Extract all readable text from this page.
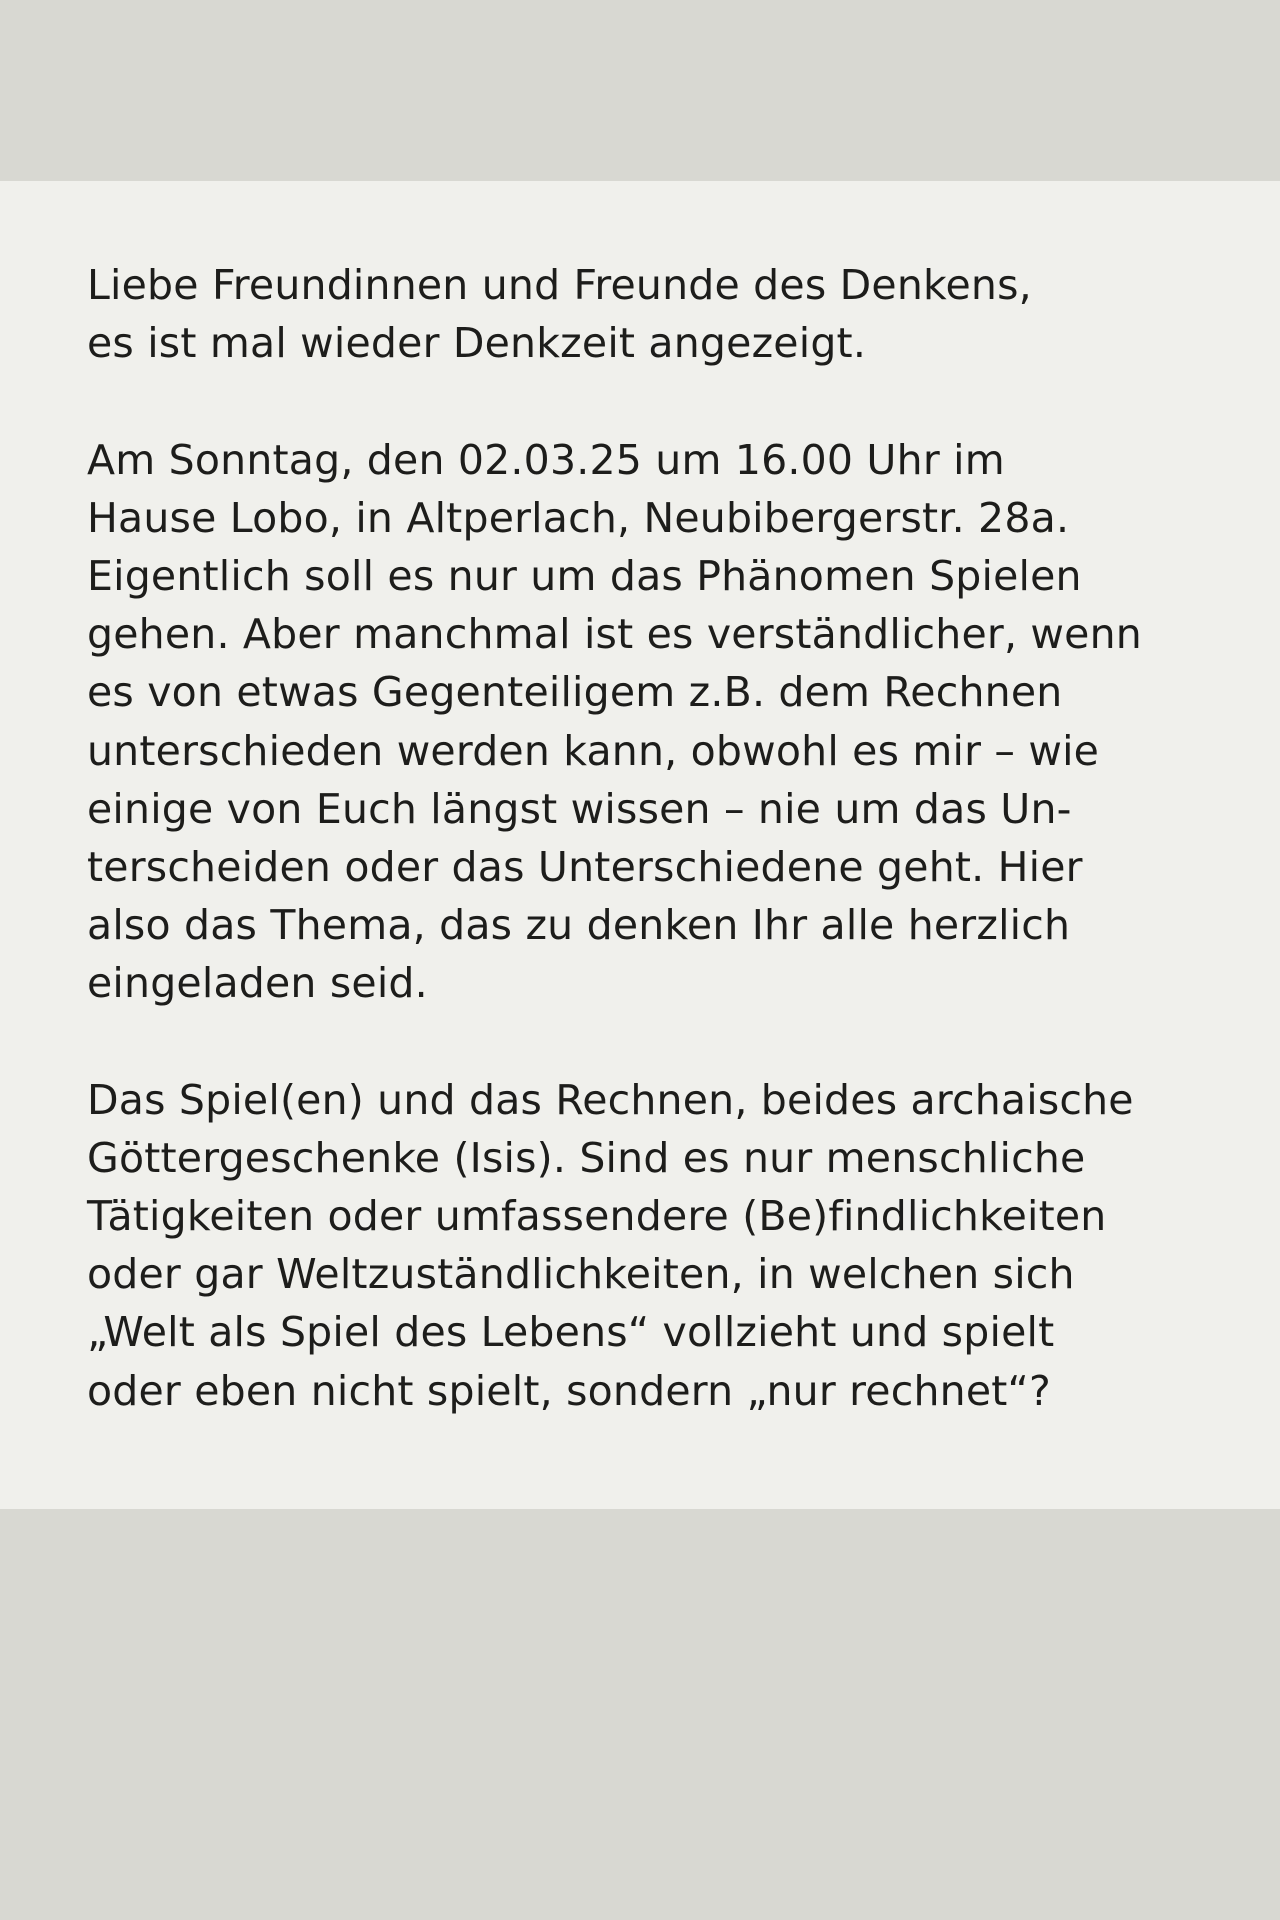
Liebe Freundinnen und Freunde des Denkens,
es ist mal wieder Denkzeit angezeigt.

Am Sonntag, den 02.03.25 um 16.00 Uhr im
Hause Lobo, in Altperlach, Neubibergerstr. 28a.
Eigentlich soll es nur um das Phänomen Spielen
gehen. Aber manchmal ist es verständlicher, wenn
es von etwas Gegenteiligem z.B. dem Rechnen
unterschieden werden kann, obwohl es mir – wie
einige von Euch längst wissen – nie um das Un-
terscheiden oder das Unterschiedene geht. Hier
also das Thema, das zu denken Ihr alle herzlich
eingeladen seid.

Das Spiel(en) und das Rechnen, beides archaische
Göttergeschenke (Isis). Sind es nur menschliche
Tätigkeiten oder umfassendere (Be)findlichkeiten
oder gar Weltzuständlichkeiten, in welchen sich
„Welt als Spiel des Lebens“ vollzieht und spielt
oder eben nicht spielt, sondern „nur rechnet“?
